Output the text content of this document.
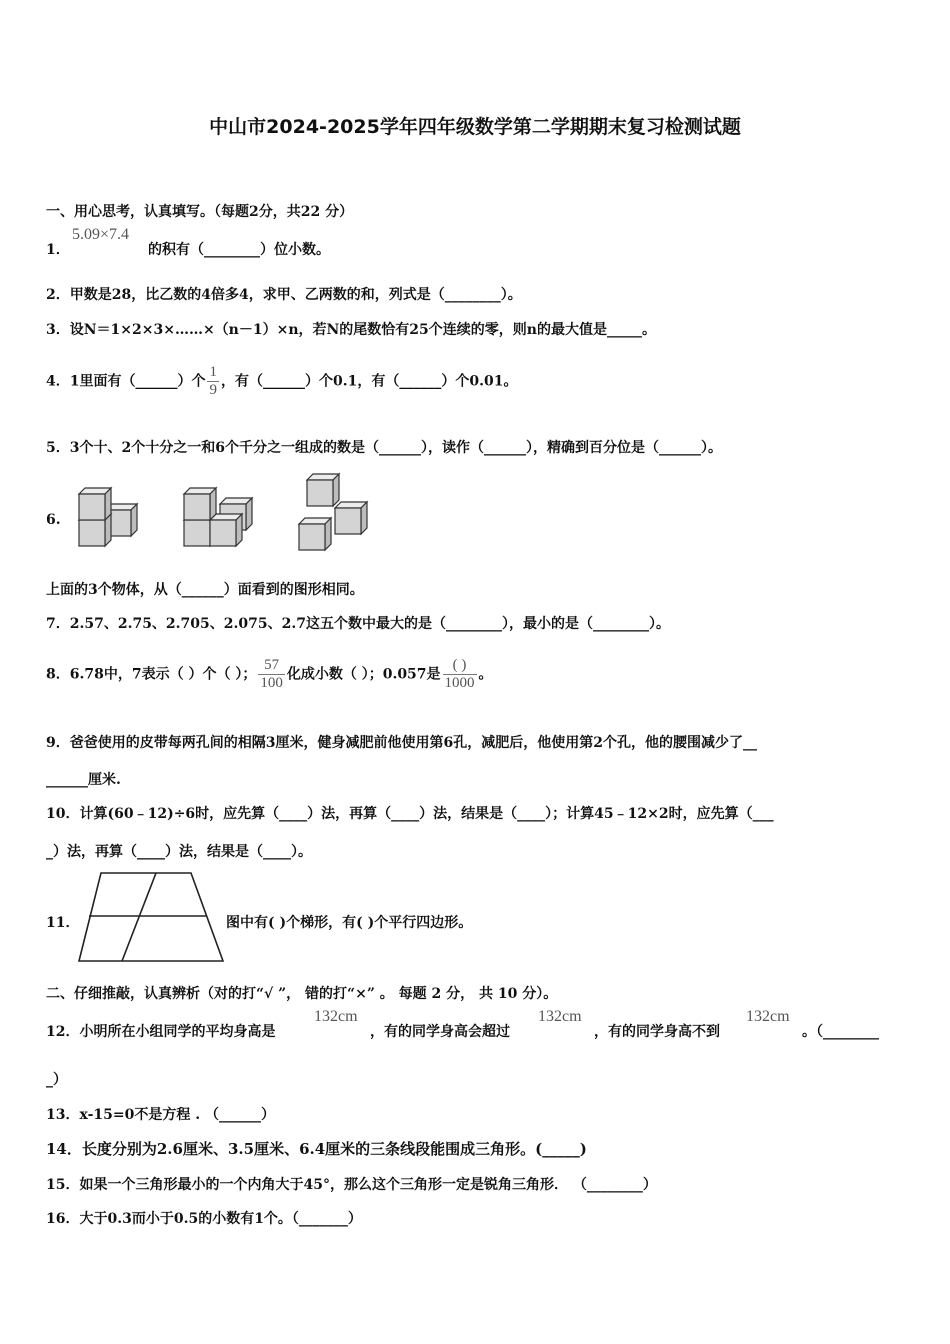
中山市2024-2025学年四年级数学第二学期期末复习检测试题
一、用心思考，认真填写。（每题2分，共22 分）
1．
5.09×7.4
的积有（________）位小数。
2．甲数是28，比乙数的4倍多4，求甲、乙两数的和，列式是（________）。
3．设N＝1×2×3×……×（n－1）×n，若N的尾数恰有25个连续的零，则n的最大值是_____。
4．1里面有（______）个 $\frac{1}{9}$ ，有（______）个0.1，有（______）个0.01。
5．3个十、2个十分之一和6个千分之一组成的数是（______），读作（______），精确到百分位是（______）。
6.
上面的3个物体，从（______）面看到的图形相同。
7．2.57、2.75、2.705、2.075、2.7这五个数中最大的是（________），最小的是（________）。
8．6.78中，7表示（ ）个（ ）； $\frac{57}{100}$ 化成小数（ ）；0.057是 $\frac{( )}{1000}$ 。
9．爸爸使用的皮带每两孔间的相隔3厘米，健身减肥前他使用第6孔，减肥后，他使用第2个孔，他的腰围减少了__
______厘米.
10．计算(60﹣12)÷6时，应先算（____）法，再算（____）法，结果是（____）；计算45﹣12×2时，应先算（___
_）法，再算（____）法，结果是（____）。
11．	图中有( )个梯形，有( )个平行四边形。
二、仔细推敲，认真辨析（对的打“√ ”， 错的打“×” 。 每题 2 分， 共 10 分）。
12．小明所在小组同学的平均身高是
132cm
，有的同学身高会超过
132cm
，有的同学身高不到
132cm
。（________
_）
13．x-15=0不是方程 . （______）
14．长度分别为2.6厘米、3.5厘米、6.4厘米的三条线段能围成三角形。(_____)
15．如果一个三角形最小的一个内角大于45°，那么这个三角形一定是锐角三角形． （________）
16．大于0.3而小于0.5的小数有1个。（_______）
